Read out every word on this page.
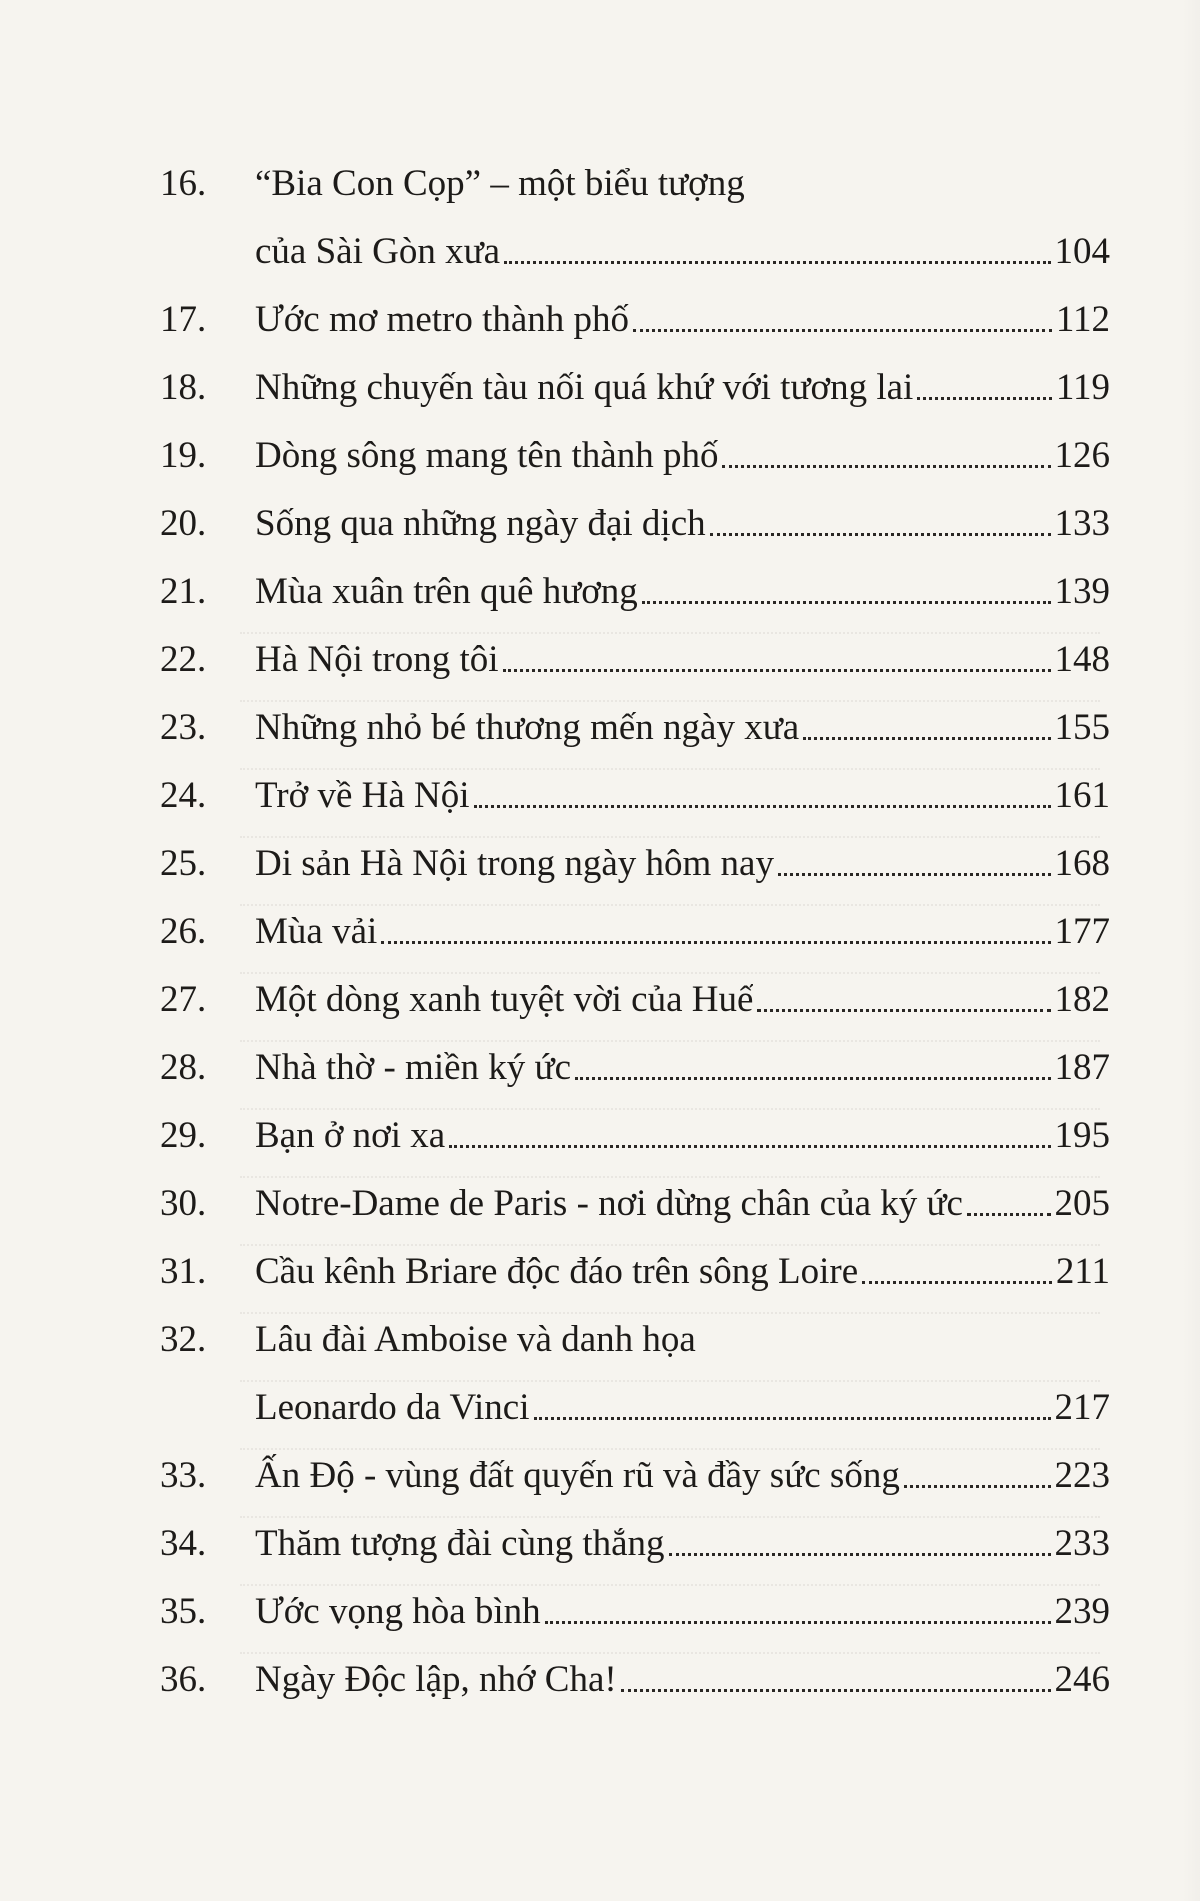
16.	“Bia Con Cọp” – một biểu tượng
của Sài Gòn xưa	104
17.	Ước mơ metro thành phố	112
18.	Những chuyến tàu nối quá khứ với tương lai	119
19.	Dòng sông mang tên thành phố	126
20.	Sống qua những ngày đại dịch	133
21.	Mùa xuân trên quê hương	139
22.	Hà Nội trong tôi	148
23.	Những nhỏ bé thương mến ngày xưa	155
24.	Trở về Hà Nội	161
25.	Di sản Hà Nội trong ngày hôm nay	168
26.	Mùa vải	177
27.	Một dòng xanh tuyệt vời của Huế	182
28.	Nhà thờ - miền ký ức	187
29.	Bạn ở nơi xa	195
30.	Notre-Dame de Paris - nơi dừng chân của ký ức 205
31.	Cầu kênh Briare độc đáo trên sông Loire	211
32.	Lâu đài Amboise và danh họa
Leonardo da Vinci	217
33.	Ấn Độ - vùng đất quyến rũ và đầy sức sống	223
34.	Thăm tượng đài cùng thắng	233
35.	Ước vọng hòa bình	239
36.	Ngày Độc lập, nhớ Cha!	246
